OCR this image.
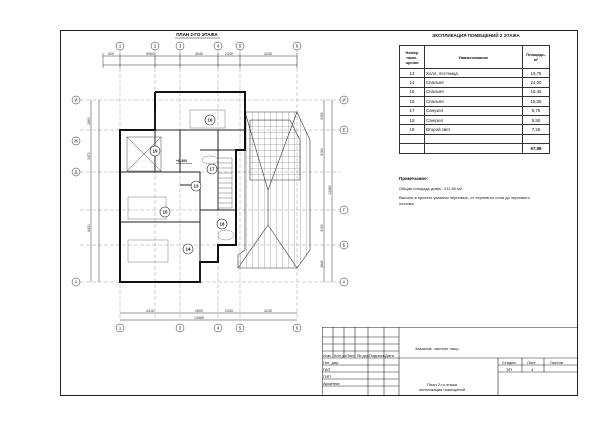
ПЛАН 2-ГО ЭТАЖА
520	5960	4040	2340	4230
1	2	3	4	5	6
1	3	4	5	6
4410	2600	2340	4230
13580
И
Ж
Д
А
2860
2470
6430
И
Е
Г
Б
А
2390
5060
3090
2840
13380
16
19
17
13
15
18
14
+6,300
ЭКСПЛИКАЦИЯ ПОМЕЩЕНИЙ 2 ЭТАЖА
Номер поме- щения	Наименование	Площадь, м²
13	Холл, лестница	15,75
14	Спальня	24,00
15	Спальня	18,46
16	Спальня	15,05
17	Санузел	5,76
18	Санузел	5,50
19	Второй свет	7,26

		97,98
Примечание:
Общая площадь дома - 211,60 м2
Высоты в проекте указаны черновые, от чернового пола до чернового
потолка
Изм. Кол.уч Лист № док. Подпись Дата
Ген. дир.
ГАП
ГИП
Архитект.
Заказчик: частное лицо
Стадия	Лист	Листов
ЭП	4
План 2-го этажа экспликация помещений
